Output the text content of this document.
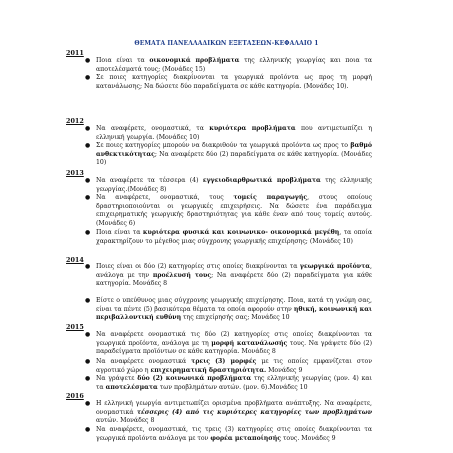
ΘΕΜΑΤΑ ΠΑΝΕΛΛΑΔΙΚΩΝ ΕΞΕΤΑΣΕΩΝ-ΚΕΦΑΛΑΙΟ 1
2011
● Ποια είναι τα οικονομικά προβλήματα της ελληνικής γεωργίας και ποια τα αποτελέσματά τους; (Μονάδες 15)
● Σε ποιες κατηγορίες διακρίνονται τα γεωργικά προϊόντα ως προς τη μορφή κατανάλωσης; Να δώσετε δύο παραδείγματα σε κάθε κατηγορία. (Μονάδες 10).
2012
● Να αναφέρετε, ονομαστικά, τα κυριότερα προβλήματα που αντιμετωπίζει η ελληνική γεωργία. (Μονάδες 10)
● Σε ποιες κατηγορίες μπορούν να διακριθούν τα γεωργικά προϊόντα ως προς το βαθμό ανθεκτικότητας; Να αναφέρετε δύο (2) παραδείγματα σε κάθε κατηγορία. (Μονάδες 10)
2013
● Να αναφέρετε τα τέσσερα (4) εγγειοδιαρθρωτικά προβλήματα της ελληνικής γεωργίας.(Μονάδες 8)
● Να αναφέρετε, ονομαστικά, τους τομείς παραγωγής, στους οποίους δραστηριοποιούνται οι γεωργικές επιχειρήσεις. Να δώσετε ένα παράδειγμα επιχειρηματικής γεωργικής δραστηριότητας για κάθε έναν από τους τομείς αυτούς. (Μονάδες 6)
● Ποια είναι τα κυριότερα φυσικά και κοινωνικο- οικονομικά μεγέθη, τα οποία χαρακτηρίζουν το μέγεθος μιας σύγχρονης γεωργικής επιχείρησης; (Μονάδες 10)
2014
● Ποιες είναι οι δύο (2) κατηγορίες στις οποίες διακρίνονται τα γεωργικά προϊόντα, ανάλογα με την προέλευσή τους; Να αναφέρετε δύο (2) παραδείγματα για κάθε κατηγορία. Μονάδες 8
● Είστε ο υπεύθυνος μιας σύγχρονης γεωργικής επιχείρησης. Ποια, κατά τη γνώμη σας, είναι τα πέντε (5) βασικότερα θέματα τα οποία αφορούν στην ηθική, κοινωνική και περιβαλλοντική ευθύνη της επιχείρησής σας; Μονάδες 10
2015
● Να αναφέρετε ονομαστικά τις δύο (2) κατηγορίες στις οποίες διακρίνονται τα γεωργικά προϊόντα, ανάλογα με τη μορφή κατανάλωσής τους. Να γράψετε δύο (2) παραδείγματα προϊόντων σε κάθε κατηγορία. Μονάδες 8
● Να αναφέρετε ονομαστικά τρεις (3) μορφές με τις οποίες εμφανίζεται στον αγροτικό χώρο η επιχειρηματική δραστηριότητα. Μονάδες 9
● Να γράψετε δύο (2) κοινωνικά προβλήματα της ελληνικής γεωργίας (μον. 4) και τα αποτελέσματα των προβλημάτων αυτών. (μον. 6).Μονάδες 10
2016
● Η ελληνική γεωργία αντιμετωπίζει ορισμένα προβλήματα ανάπτυξης. Να αναφέρετε, ονομαστικά τέσσερις (4) από τις κυριότερες κατηγορίες των προβλημάτων αυτών. Μονάδες 8
● Να αναφέρετε, ονομαστικά, τις τρεις (3) κατηγορίες στις οποίες διακρίνονται τα γεωργικά προϊόντα ανάλογα με τον φορέα μεταποίησής τους. Μονάδες 9
